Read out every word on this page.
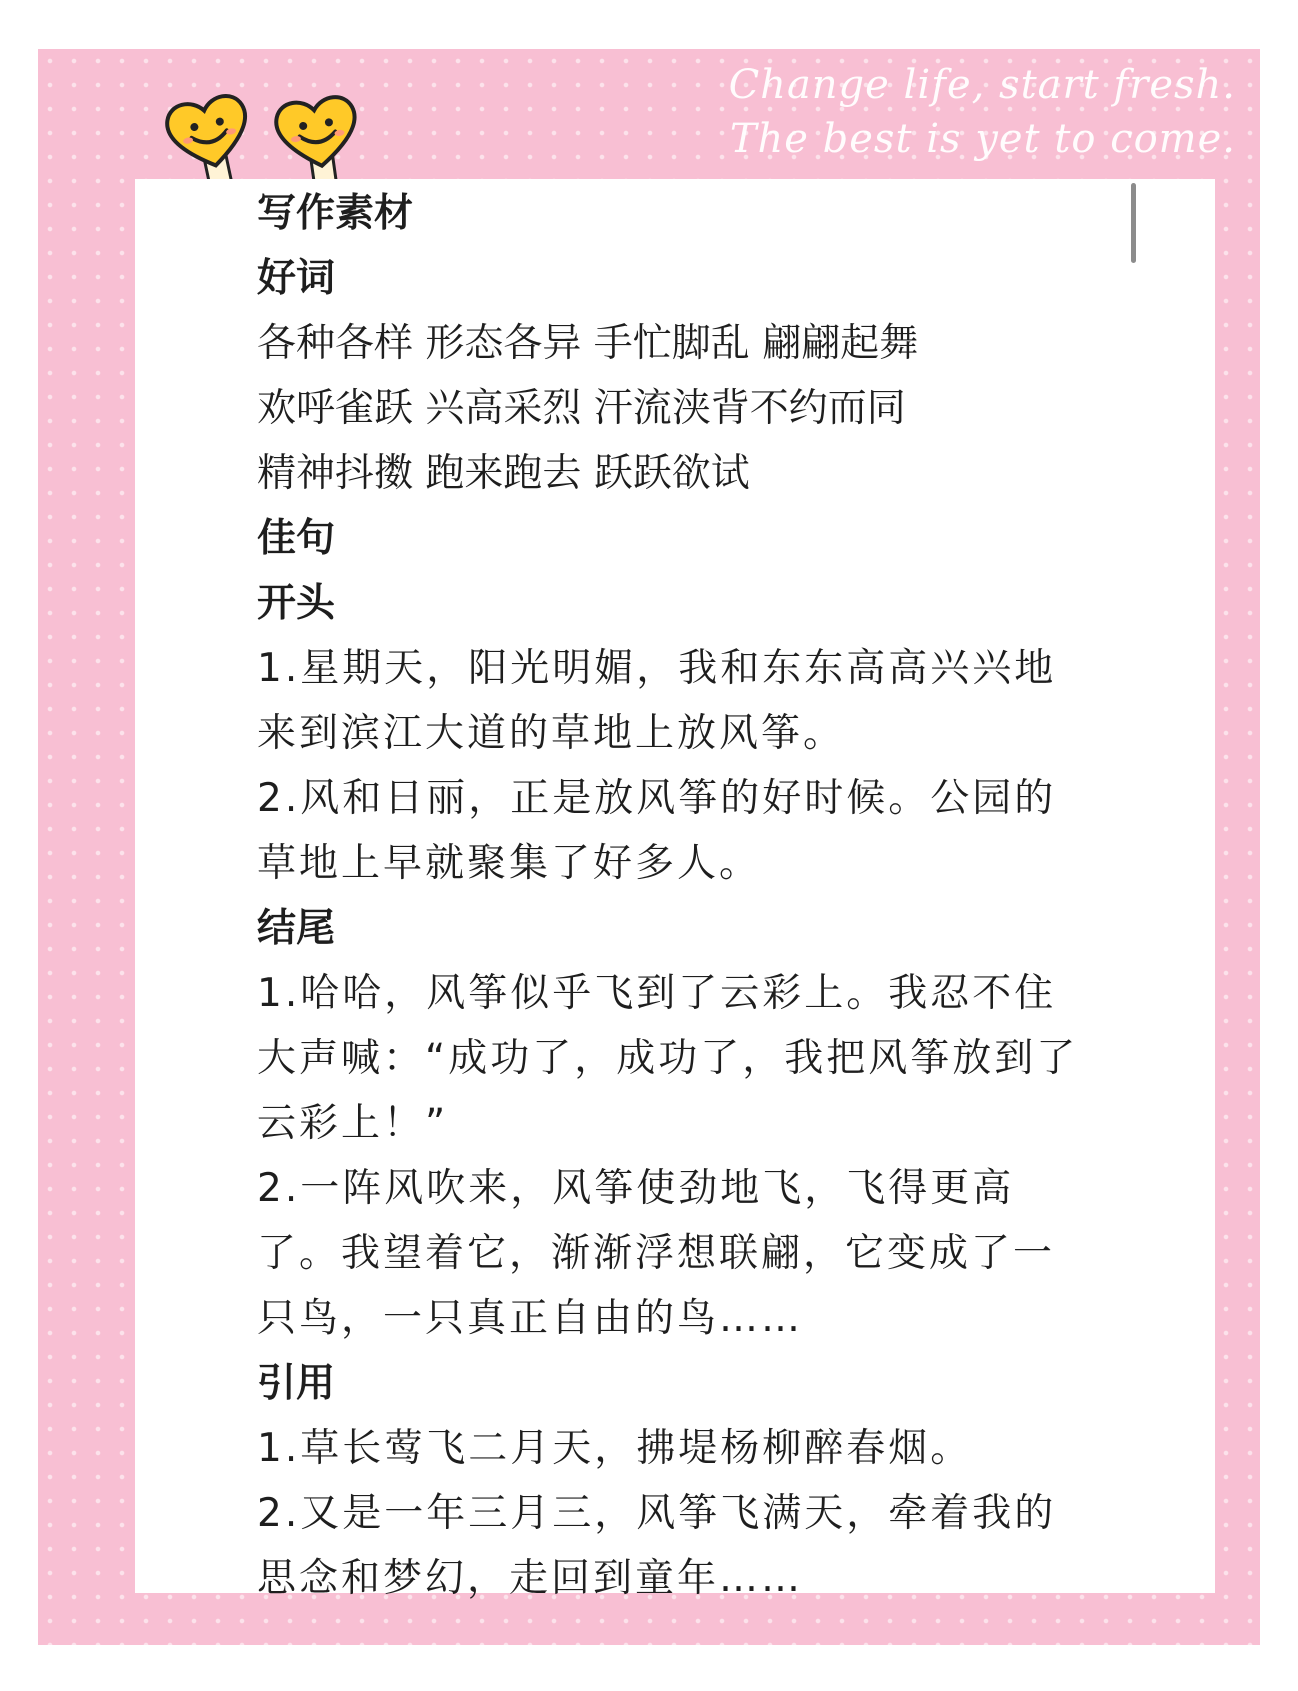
Change life, start fresh.
The best is yet to come.
写作素材
好词
各种各样 形态各异 手忙脚乱 翩翩起舞
欢呼雀跃 兴高采烈 汗流浃背不约而同
精神抖擞 跑来跑去 跃跃欲试
佳句
开头
1.星期天，阳光明媚，我和东东高高兴兴地
来到滨江大道的草地上放风筝。
2.风和日丽，正是放风筝的好时候。公园的
草地上早就聚集了好多人。
结尾
1.哈哈，风筝似乎飞到了云彩上。我忍不住
大声喊：“成功了，成功了，我把风筝放到了
云彩上！”
2.一阵风吹来，风筝使劲地飞，飞得更高
了。我望着它，渐渐浮想联翩，它变成了一
只鸟，一只真正自由的鸟……
引用
1.草长莺飞二月天，拂堤杨柳醉春烟。
2.又是一年三月三，风筝飞满天，牵着我的
思念和梦幻，走回到童年……
